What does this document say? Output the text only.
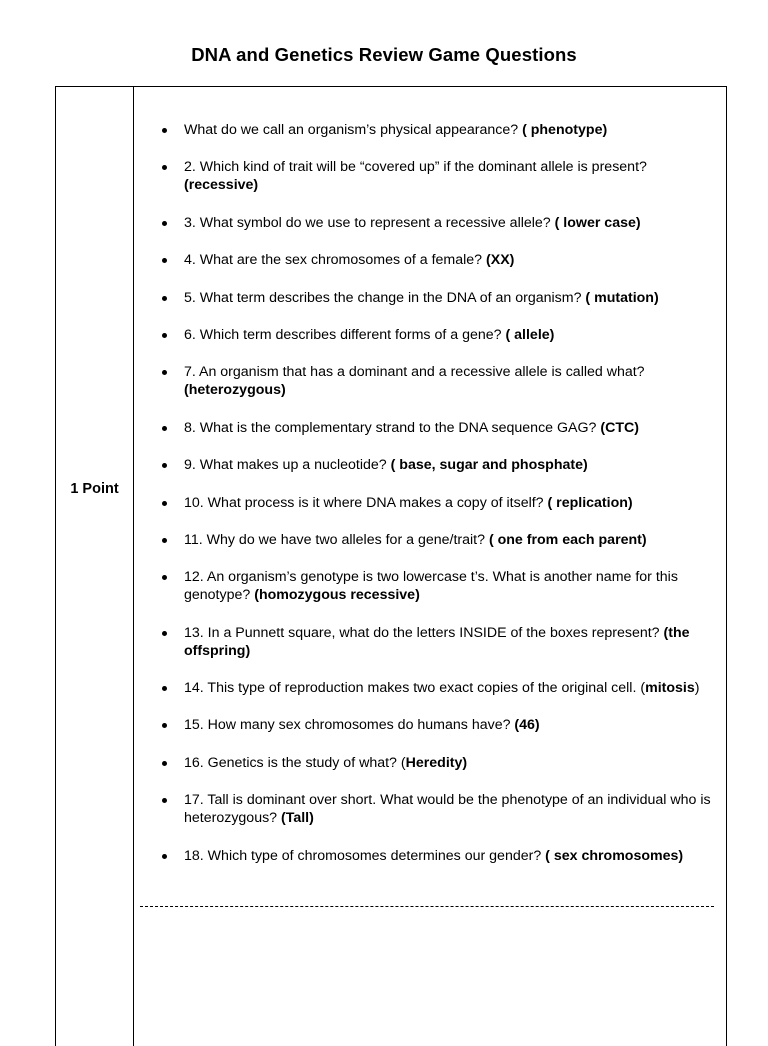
DNA and Genetics Review Game Questions
1 Point
What do we call an organism’s physical appearance? ( phenotype)
2. Which kind of trait will be “covered up” if the dominant allele is present? (recessive)
3. What symbol do we use to represent a recessive allele? ( lower case)
4. What are the sex chromosomes of a female? (XX)
5. What term describes the change in the DNA of an organism? ( mutation)
6. Which term describes different forms of a gene? ( allele)
7. An organism that has a dominant and a recessive allele is called what? (heterozygous)
8. What is the complementary strand to the DNA sequence GAG? (CTC)
9. What makes up a nucleotide? ( base, sugar and phosphate)
10. What process is it where DNA makes a copy of itself? ( replication)
11. Why do we have two alleles for a gene/trait? ( one from each parent)
12. An organism’s genotype is two lowercase t’s. What is another name for this genotype? (homozygous recessive)
13. In a Punnett square, what do the letters INSIDE of the boxes represent? (the offspring)
14. This type of reproduction makes two exact copies of the original cell. (mitosis)
15. How many sex chromosomes do humans have? (46)
16. Genetics is the study of what? (Heredity)
17. Tall is dominant over short. What would be the phenotype of an individual who is heterozygous? (Tall)
18. Which type of chromosomes determines our gender? ( sex chromosomes)
